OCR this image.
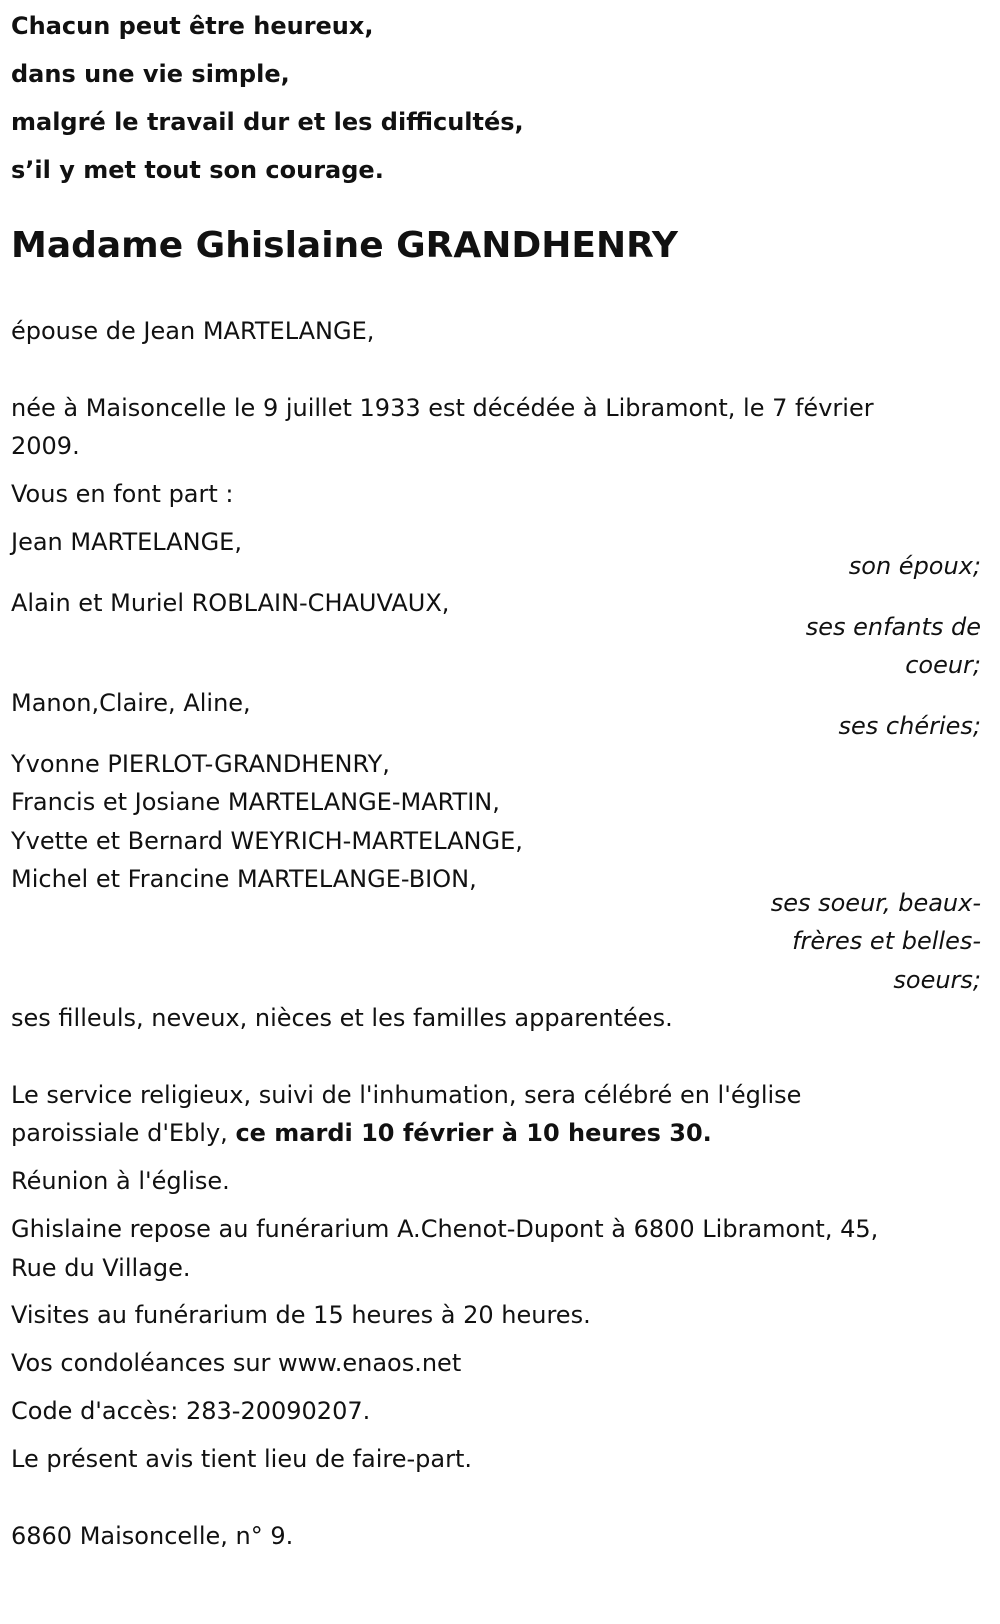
Chacun peut être heureux,
dans une vie simple,
malgré le travail dur et les difficultés,
s’il y met tout son courage.
Madame Ghislaine GRANDHENRY
épouse de Jean MARTELANGE,
née à Maisoncelle le 9 juillet 1933 est décédée à Libramont, le 7 février
2009.
Vous en font part :
Jean MARTELANGE,
son époux;
Alain et Muriel ROBLAIN-CHAUVAUX,
ses enfants de
coeur;
Manon,Claire, Aline,
ses chéries;
Yvonne PIERLOT-GRANDHENRY,
Francis et Josiane MARTELANGE-MARTIN,
Yvette et Bernard WEYRICH-MARTELANGE,
Michel et Francine MARTELANGE-BION,
ses soeur, beaux-
frères et belles-
soeurs;
ses filleuls, neveux, nièces et les familles apparentées.
Le service religieux, suivi de l'inhumation, sera célébré en l'église
paroissiale d'Ebly, ce mardi 10 février à 10 heures 30.
Réunion à l'église.
Ghislaine repose au funérarium A.Chenot-Dupont à 6800 Libramont, 45,
Rue du Village.
Visites au funérarium de 15 heures à 20 heures.
Vos condoléances sur www.enaos.net
Code d'accès: 283-20090207.
Le présent avis tient lieu de faire-part.
6860 Maisoncelle, n° 9.
